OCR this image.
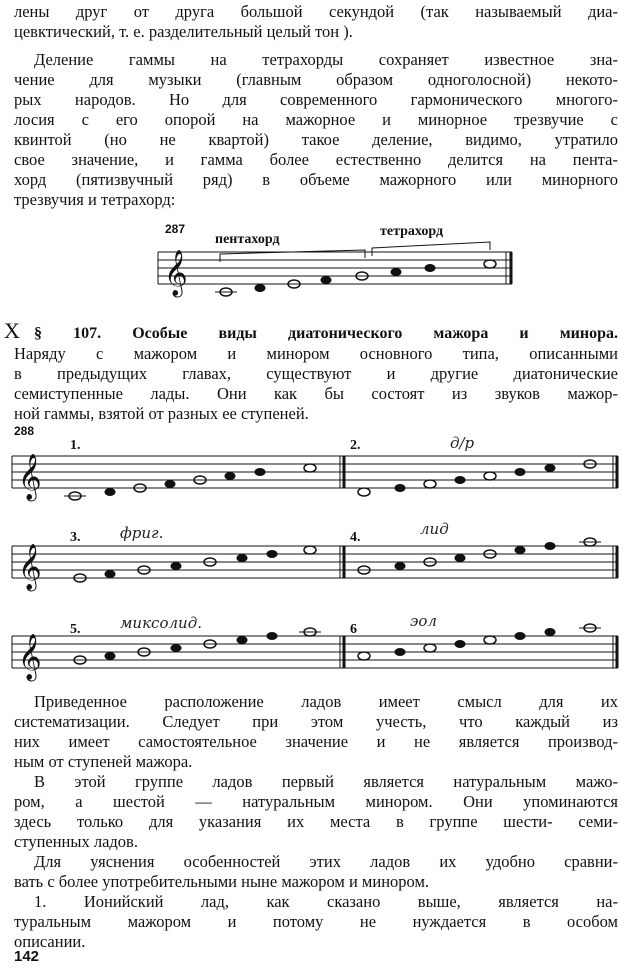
лены друг от друга большой секундой (так называемый диа-
цевктический, т. е. разделительный целый тон ).
Деление гаммы на тетрахорды сохраняет известное зна-
чение для музыки (главным образом одноголосной) некото-
рых народов. Но для современного гармонического многого-
лосия с его опорой на мажорное и минорное трезвучие с
квинтой (но не квартой) такое деление, видимо, утратило
свое значение, и гамма более естественно делится на пента-
хорд (пятизвучный ряд) в объеме мажорного или минорного
трезвучия и тетрахорд:
287
пентахорд
тетрахорд
𝄞
X § 107. Особые виды диатонического мажора и минора.
Наряду с мажором и минором основного типа, описанными
в предыдущих главах, существуют и другие диатонические
семиступенные лады. Они как бы состоят из звуков мажор-
ной гаммы, взятой от разных ее ступеней.
288
1.	2.
𝄞
д/р
3.	4.
𝄞
фриг.	лид
5.	6
𝄞
миксолид.	эол
Приведенное расположение ладов имеет смысл для их
систематизации. Следует при этом учесть, что каждый из
них имеет самостоятельное значение и не является производ-
ным от ступеней мажора.
В этой группе ладов первый является натуральным мажо-
ром, а шестой — натуральным минором. Они упоминаются
здесь только для указания их места в группе шести- семи-
ступенных ладов.
Для уяснения особенностей этих ладов их удобно сравни-
вать с более употребительными ныне мажором и минором.
1. Ионийский лад, как сказано выше, является на-
туральным мажором и потому не нуждается в особом
описании.
142
